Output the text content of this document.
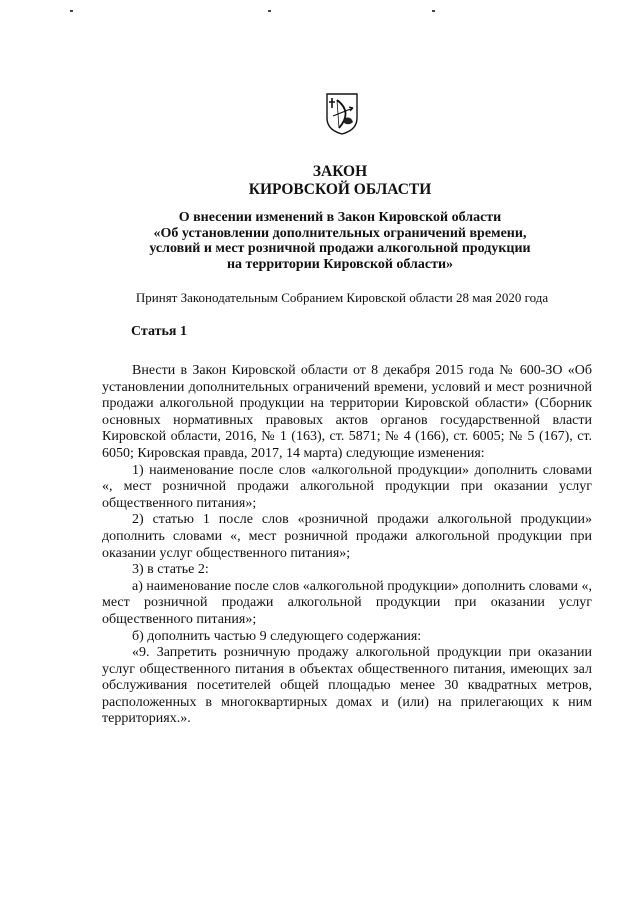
ЗАКОН
КИРОВСКОЙ ОБЛАСТИ
О внесении изменений в Закон Кировской области
«Об установлении дополнительных ограничений времени,
условий и мест розничной продажи алкогольной продукции
на территории Кировской области»
Принят Законодательным Собранием Кировской области 28 мая 2020 года
Статья 1

Внести в Закон Кировской области от 8 декабря 2015 года № 600-ЗО «Об установлении дополнительных ограничений времени, условий и мест розничной продажи алкогольной продукции на территории Кировской области» (Сборник основных нормативных правовых актов органов государственной власти Кировской области, 2016, № 1 (163), ст. 5871; № 4 (166), ст. 6005; № 5 (167), ст. 6050; Кировская правда, 2017, 14 марта) следующие изменения:

1) наименование после слов «алкогольной продукции» дополнить словами «, мест розничной продажи алкогольной продукции при оказании услуг общественного питания»;

2) статью 1 после слов «розничной продажи алкогольной продукции» дополнить словами «, мест розничной продажи алкогольной продукции при оказании услуг общественного питания»;

3) в статье 2:

а) наименование после слов «алкогольной продукции» дополнить словами «, мест розничной продажи алкогольной продукции при оказании услуг общественного питания»;

б) дополнить частью 9 следующего содержания:

«9. Запретить розничную продажу алкогольной продукции при оказании услуг общественного питания в объектах общественного питания, имеющих зал обслуживания посетителей общей площадью менее 30 квадратных метров, расположенных в многоквартирных домах и (или) на прилегающих к ним территориях.».
